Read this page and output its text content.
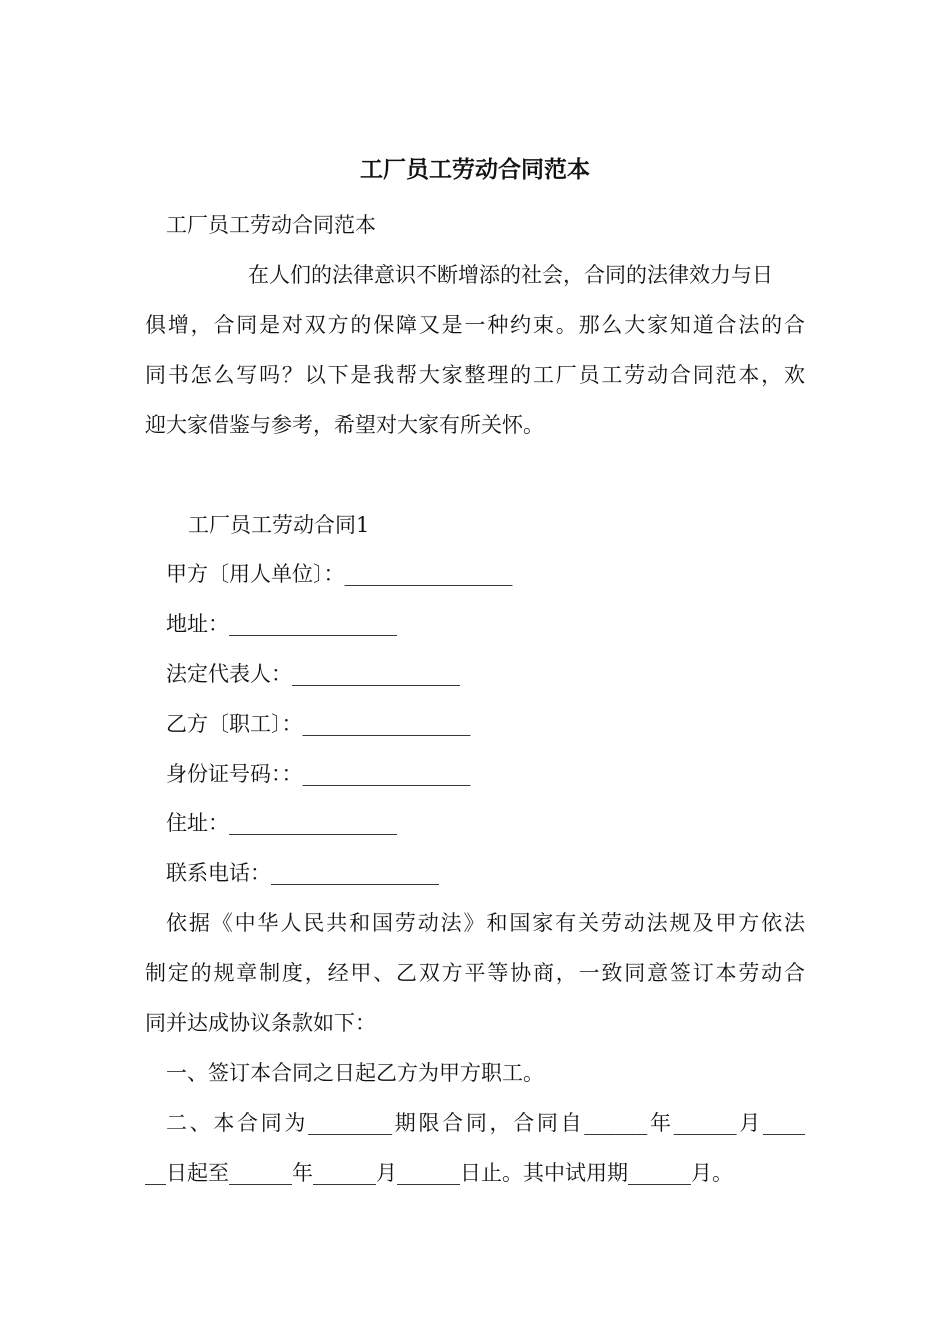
工厂员工劳动合同范本
工厂员工劳动合同范本
在人们的法律意识不断增添的社会，合同的法律效力与日
俱增，合同是对双方的保障又是一种约束。那么大家知道合法的合
同书怎么写吗？以下是我帮大家整理的工厂员工劳动合同范本，欢
迎大家借鉴与参考，希望对大家有所关怀。
工厂员工劳动合同1
甲方〔用人单位〕：________________
地址：________________
法定代表人：________________
乙方〔职工〕：________________
身份证号码：：________________
住址：________________
联系电话：________________
依据《中华人民共和国劳动法》和国家有关劳动法规及甲方依法
制定的规章制度，经甲、乙双方平等协商，一致同意签订本劳动合
同并达成协议条款如下：
一、签订本合同之日起乙方为甲方职工。
二、本合同为________期限合同，合同自______年______月____
__日起至______年______月______日止。其中试用期______月。
